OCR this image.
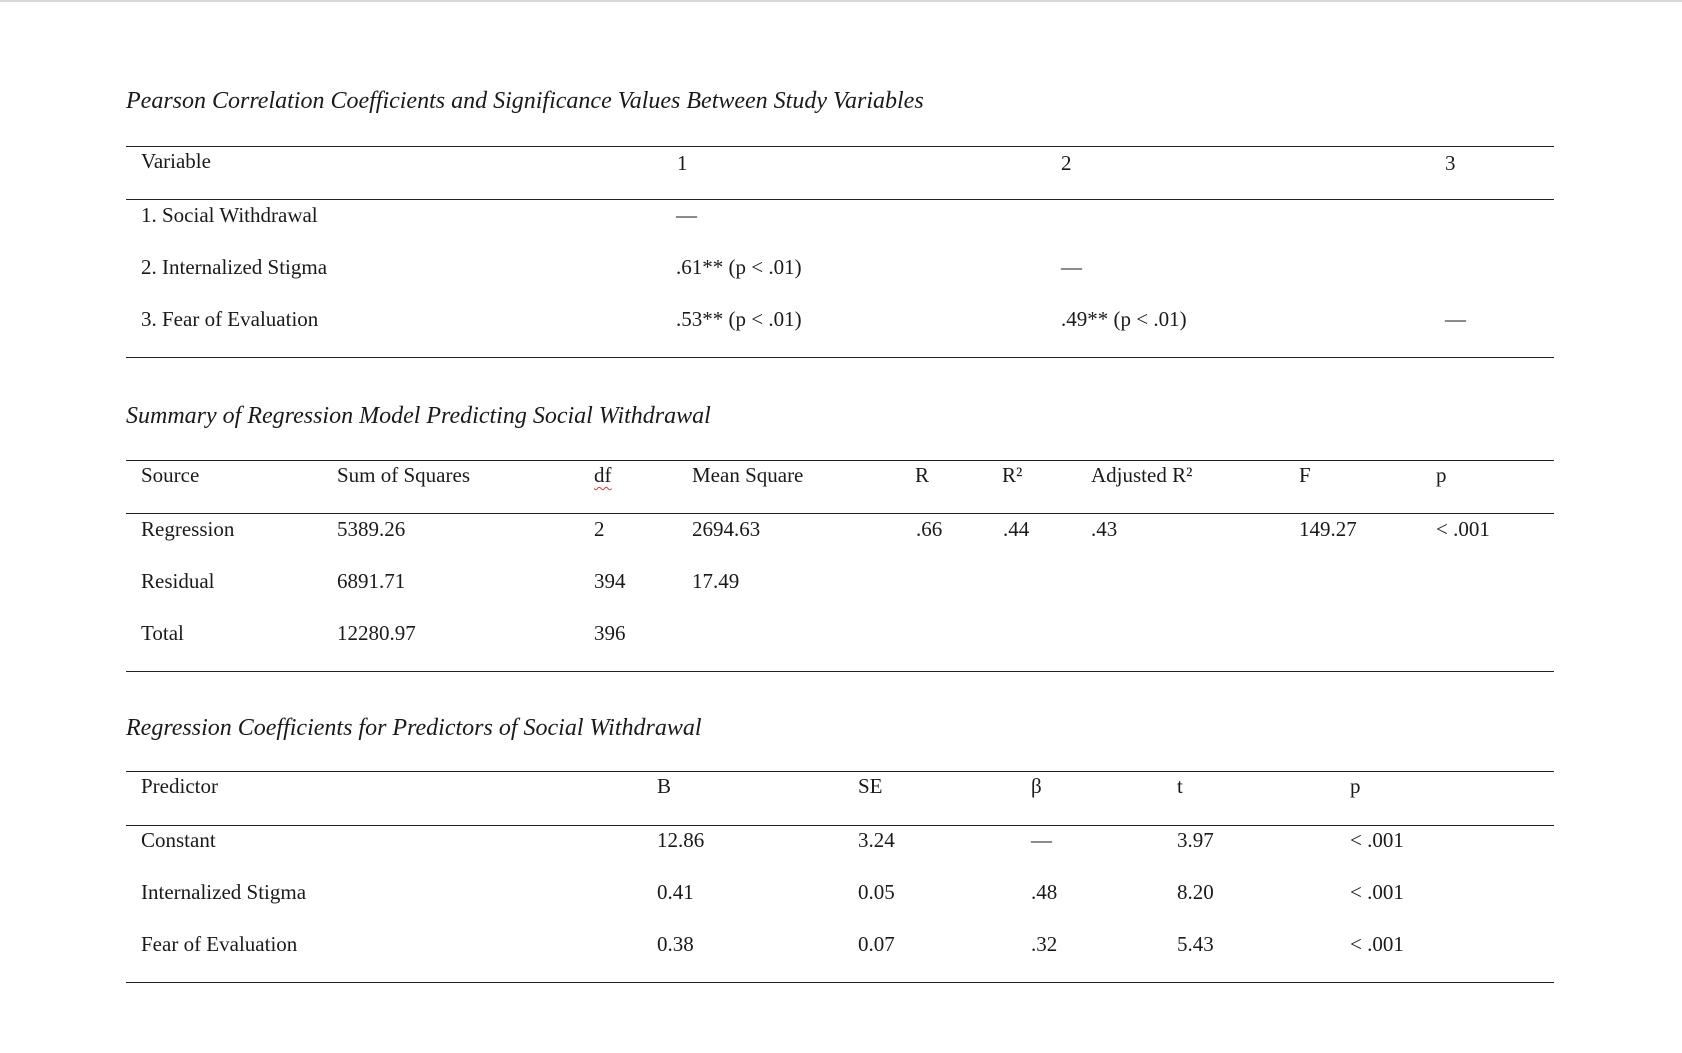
Pearson Correlation Coefficients and Significance Values Between Study Variables
Variable	1	2	3
1. Social Withdrawal	—
2. Internalized Stigma	.61** (p < .01)	—
3. Fear of Evaluation	.53** (p < .01)	.49** (p < .01)	—
Summary of Regression Model Predicting Social Withdrawal
Source	Sum of Squares	df	Mean Square	R	R²	Adjusted R²	F	p
Regression	5389.26	2	2694.63	.66	.44	.43	149.27	< .001
Residual	6891.71	394	17.49
Total	12280.97	396
Regression Coefficients for Predictors of Social Withdrawal
Predictor	B	SE	β	t	p
Constant	12.86	3.24	—	3.97	< .001
Internalized Stigma	0.41	0.05	.48	8.20	< .001
Fear of Evaluation	0.38	0.07	.32	5.43	< .001
